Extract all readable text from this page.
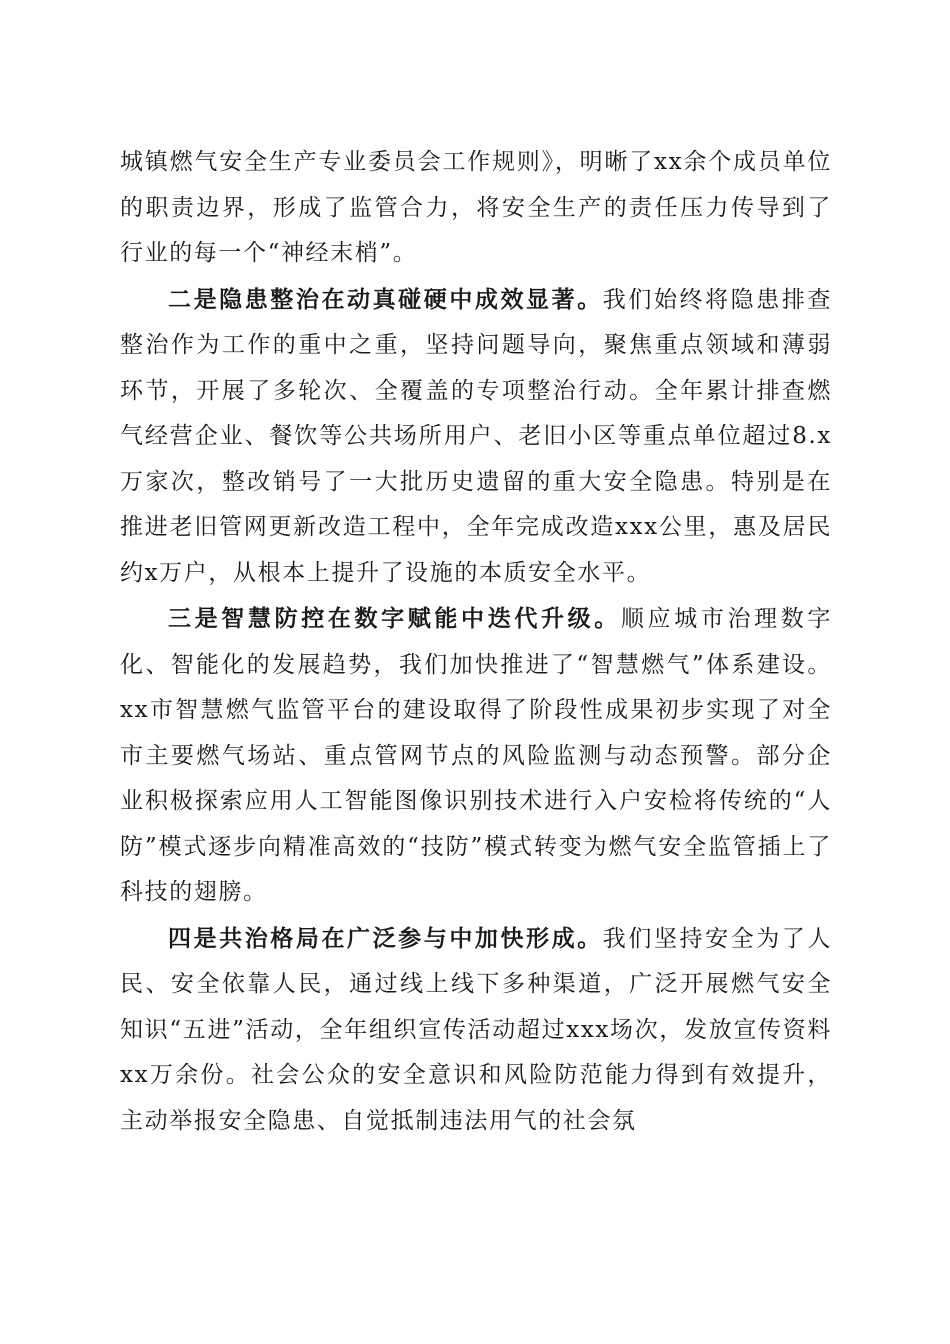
城镇燃气安全生产专业委员会工作规则》，明晰了xx余个成员单位的职责边界，形成了监管合力，将安全生产的责任压力传导到了行业的每一个“神经末梢”。

二是隐患整治在动真碰硬中成效显著。我们始终将隐患排查整治作为工作的重中之重，坚持问题导向，聚焦重点领域和薄弱环节，开展了多轮次、全覆盖的专项整治行动。全年累计排查燃气经营企业、餐饮等公共场所用户、老旧小区等重点单位超过8.x万家次，整改销号了一大批历史遗留的重大安全隐患。特别是在推进老旧管网更新改造工程中，全年完成改造xxx公里，惠及居民约x万户，从根本上提升了设施的本质安全水平。

三是智慧防控在数字赋能中迭代升级。顺应城市治理数字化、智能化的发展趋势，我们加快推进了“智慧燃气”体系建设。xx市智慧燃气监管平台的建设取得了阶段性成果初步实现了对全市主要燃气场站、重点管网节点的风险监测与动态预警。部分企业积极探索应用人工智能图像识别技术进行入户安检将传统的“人防”模式逐步向精准高效的“技防”模式转变为燃气安全监管插上了科技的翅膀。

四是共治格局在广泛参与中加快形成。我们坚持安全为了人民、安全依靠人民，通过线上线下多种渠道，广泛开展燃气安全知识“五进”活动，全年组织宣传活动超过xxx场次，发放宣传资料xx万余份。社会公众的安全意识和风险防范能力得到有效提升，主动举报安全隐患、自觉抵制违法用气的社会氛
